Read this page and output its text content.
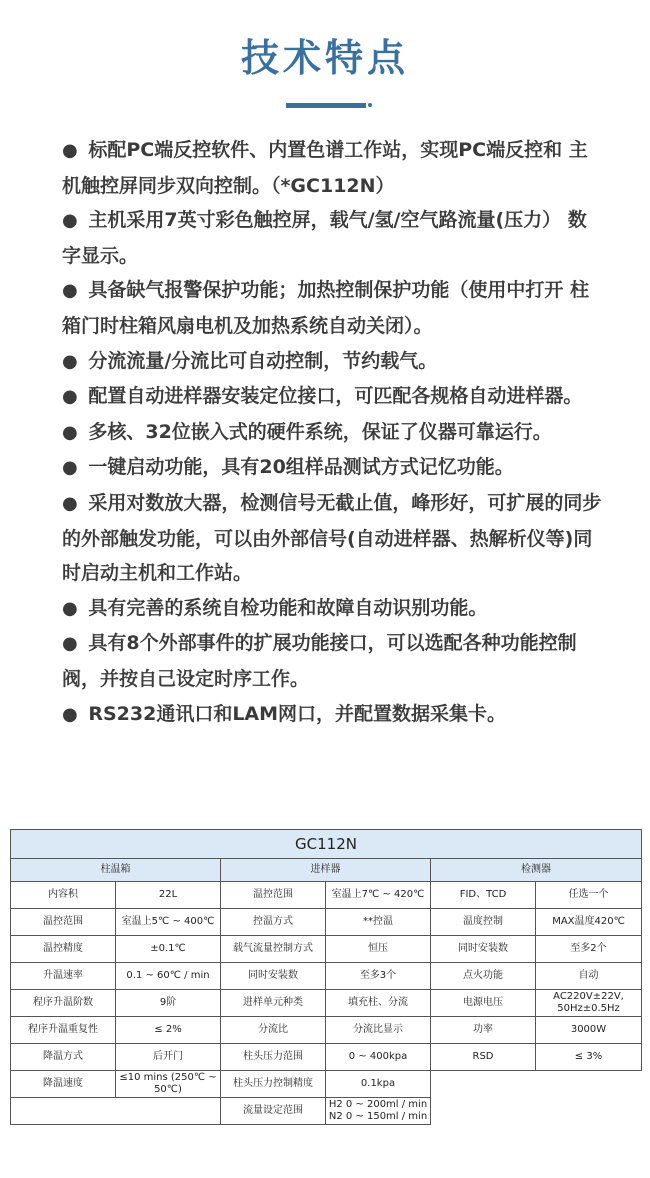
技术特点
● 标配PC端反控软件、内置色谱工作站，实现PC端反控和 主机触控屏同步双向控制。（*GC112N）
● 主机采用7英寸彩色触控屏，载气/氢/空气路流量(压力） 数字显示。
● 具备缺气报警保护功能；加热控制保护功能（使用中打开 柱箱门时柱箱风扇电机及加热系统自动关闭）。
● 分流流量/分流比可自动控制，节约载气。
● 配置自动进样器安装定位接口，可匹配各规格自动进样器。
● 多核、32位嵌入式的硬件系统，保证了仪器可靠运行。
● 一键启动功能，具有20组样品测试方式记忆功能。
● 采用对数放大器，检测信号无截止值，峰形好，可扩展的同步的外部触发功能，可以由外部信号(自动进样器、热解析仪等)同时启动主机和工作站。
● 具有完善的系统自检功能和故障自动识别功能。
● 具有8个外部事件的扩展功能接口，可以选配各种功能控制阀，并按自己设定时序工作。
● RS232通讯口和LAM网口，并配置数据采集卡。
GC112N					
柱温箱		进样器		检测器	
内容积	22L	温控范围	室温上7℃ ~ 420℃	FID、TCD	任选一个
温控范围	室温上5℃ ~ 400℃	控温方式	**控温	温度控制	MAX温度420℃
温控精度	±0.1℃	载气流量控制方式	恒压	同时安装数	至多2个
升温速率	0.1 ~ 60℃ / min	同时安装数	至多3个	点火功能	自动
程序升温阶数	9阶	进样单元种类	填充柱、分流	电源电压	AC220V±22V, 50Hz±0.5Hz
程序升温重复性	≤ 2%	分流比	分流比显示	功率	3000W
降温方式	后开门	柱头压力范围	0 ~ 400kpa	RSD	≤ 3%
降温速度	≤10 mins (250℃ ~ 50℃)	柱头压力控制精度	0.1kpa		
		流量设定范围	H2 0 ~ 200ml / min N2 0 ~ 150ml / min		
